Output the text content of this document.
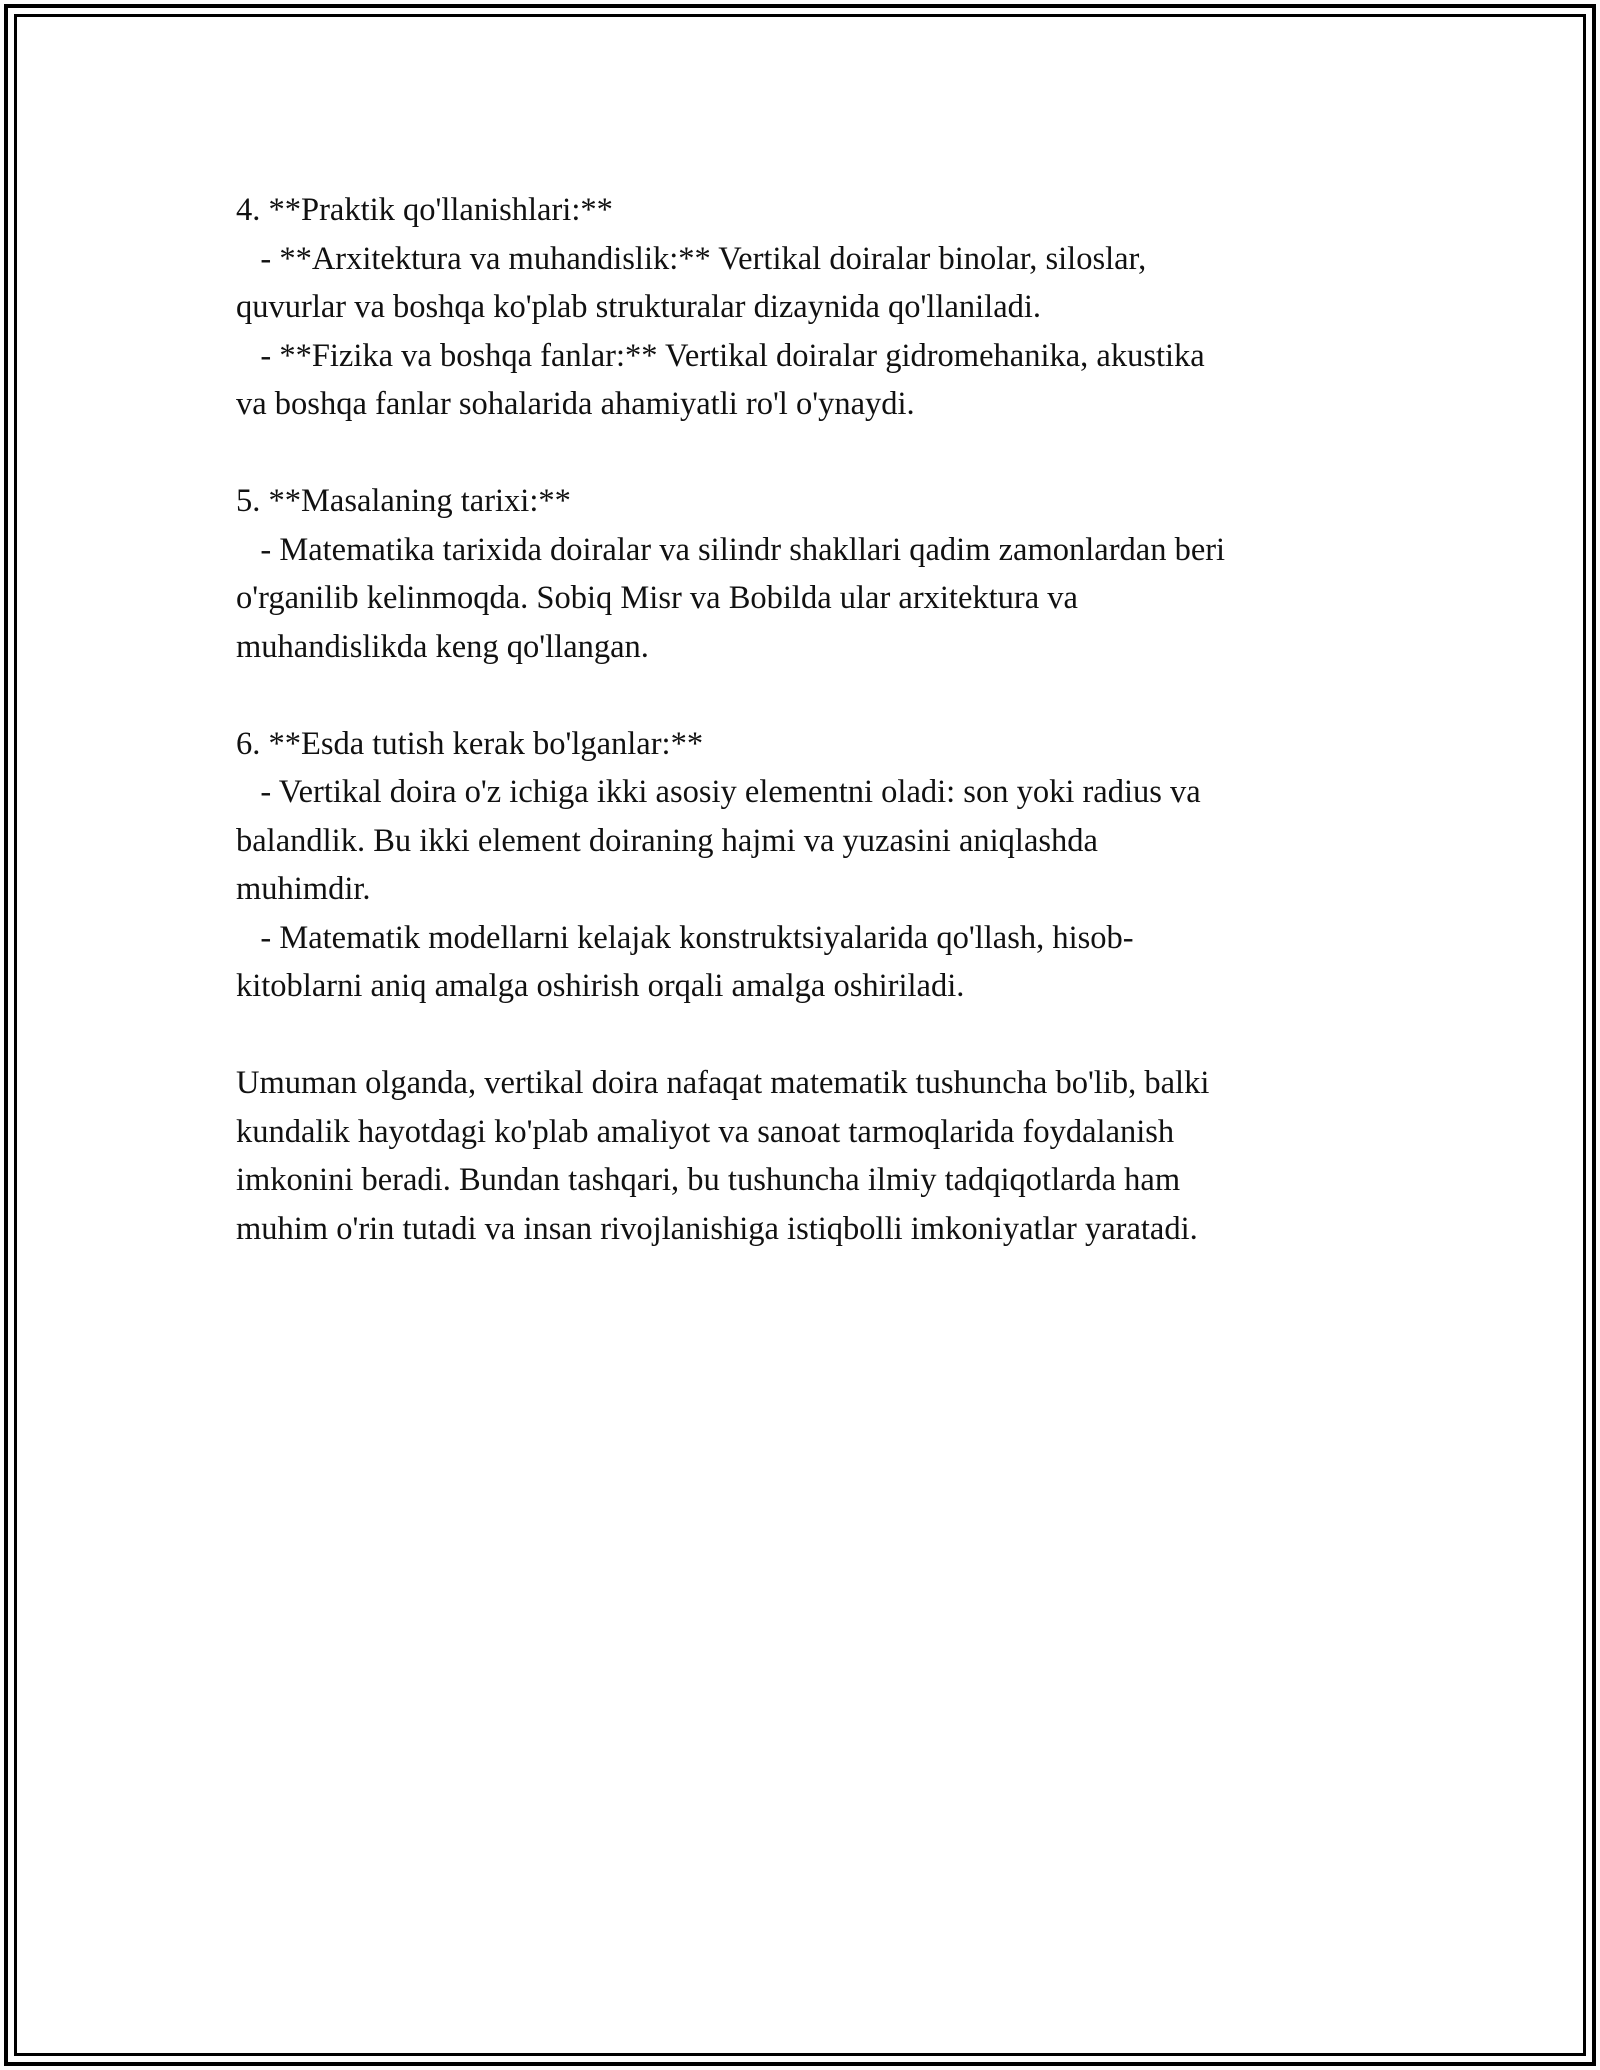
4. **Praktik qo'llanishlari:**
- **Arxitektura va muhandislik:** Vertikal doiralar binolar, siloslar,
quvurlar va boshqa ko'plab strukturalar dizaynida qo'llaniladi.
- **Fizika va boshqa fanlar:** Vertikal doiralar gidromehanika, akustika
va boshqa fanlar sohalarida ahamiyatli ro'l o'ynaydi.
5. **Masalaning tarixi:**
- Matematika tarixida doiralar va silindr shakllari qadim zamonlardan beri
o'rganilib kelinmoqda. Sobiq Misr va Bobilda ular arxitektura va
muhandislikda keng qo'llangan.
6. **Esda tutish kerak bo'lganlar:**
- Vertikal doira o'z ichiga ikki asosiy elementni oladi: son yoki radius va
balandlik. Bu ikki element doiraning hajmi va yuzasini aniqlashda
muhimdir.
- Matematik modellarni kelajak konstruktsiyalarida qo'llash, hisob-
kitoblarni aniq amalga oshirish orqali amalga oshiriladi.
Umuman olganda, vertikal doira nafaqat matematik tushuncha bo'lib, balki
kundalik hayotdagi ko'plab amaliyot va sanoat tarmoqlarida foydalanish
imkonini beradi. Bundan tashqari, bu tushuncha ilmiy tadqiqotlarda ham
muhim o'rin tutadi va insan rivojlanishiga istiqbolli imkoniyatlar yaratadi.
